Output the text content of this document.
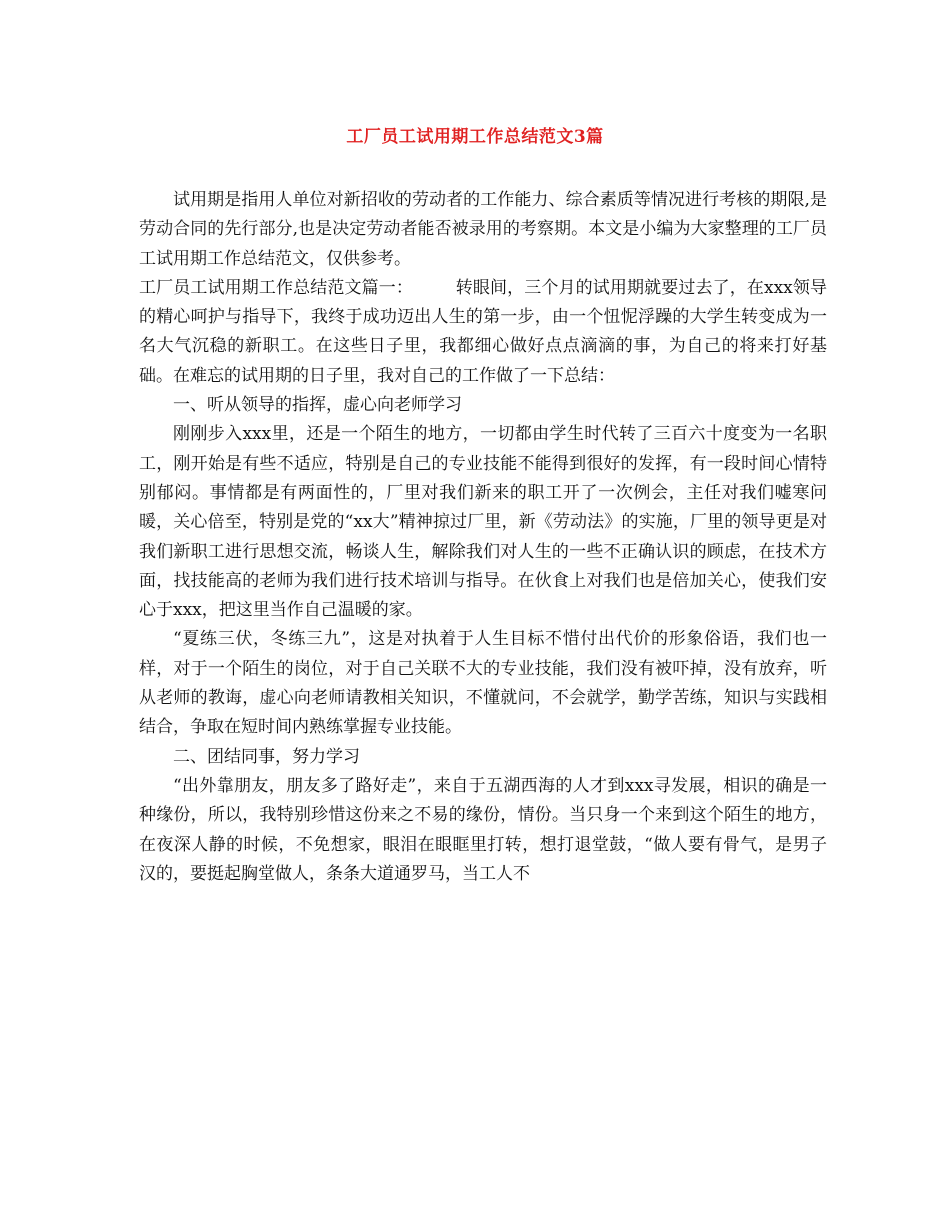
工厂员工试用期工作总结范文3篇

试用期是指用人单位对新招收的劳动者的工作能力、综合素质等情况进行考核的期限,是劳动合同的先行部分,也是决定劳动者能否被录用的考察期。本文是小编为大家整理的工厂员工试用期工作总结范文，仅供参考。

工厂员工试用期工作总结范文篇一：　　　转眼间，三个月的试用期就要过去了，在xxx领导的精心呵护与指导下，我终于成功迈出人生的第一步，由一个忸怩浮躁的大学生转变成为一名大气沉稳的新职工。在这些日子里，我都细心做好点点滴滴的事，为自己的将来打好基础。在难忘的试用期的日子里，我对自己的工作做了一下总结：

一、听从领导的指挥，虚心向老师学习

刚刚步入xxx里，还是一个陌生的地方，一切都由学生时代转了三百六十度变为一名职工，刚开始是有些不适应，特别是自己的专业技能不能得到很好的发挥，有一段时间心情特别郁闷。事情都是有两面性的，厂里对我们新来的职工开了一次例会，主任对我们嘘寒问暖，关心倍至，特别是党的“xx大”精神掠过厂里，新《劳动法》的实施，厂里的领导更是对我们新职工进行思想交流，畅谈人生，解除我们对人生的一些不正确认识的顾虑，在技术方面，找技能高的老师为我们进行技术培训与指导。在伙食上对我们也是倍加关心，使我们安心于xxx，把这里当作自己温暖的家。

“夏练三伏，冬练三九”，这是对执着于人生目标不惜付出代价的形象俗语，我们也一样，对于一个陌生的岗位，对于自己关联不大的专业技能，我们没有被吓掉，没有放弃，听从老师的教诲，虚心向老师请教相关知识，不懂就问，不会就学，勤学苦练，知识与实践相结合，争取在短时间内熟练掌握专业技能。

二、团结同事，努力学习

“出外靠朋友，朋友多了路好走”，来自于五湖西海的人才到xxx寻发展，相识的确是一种缘份，所以，我特别珍惜这份来之不易的缘份，情份。当只身一个来到这个陌生的地方，在夜深人静的时候，不免想家，眼泪在眼眶里打转，想打退堂鼓，“做人要有骨气，是男子汉的，要挺起胸堂做人，条条大道通罗马，当工人不
